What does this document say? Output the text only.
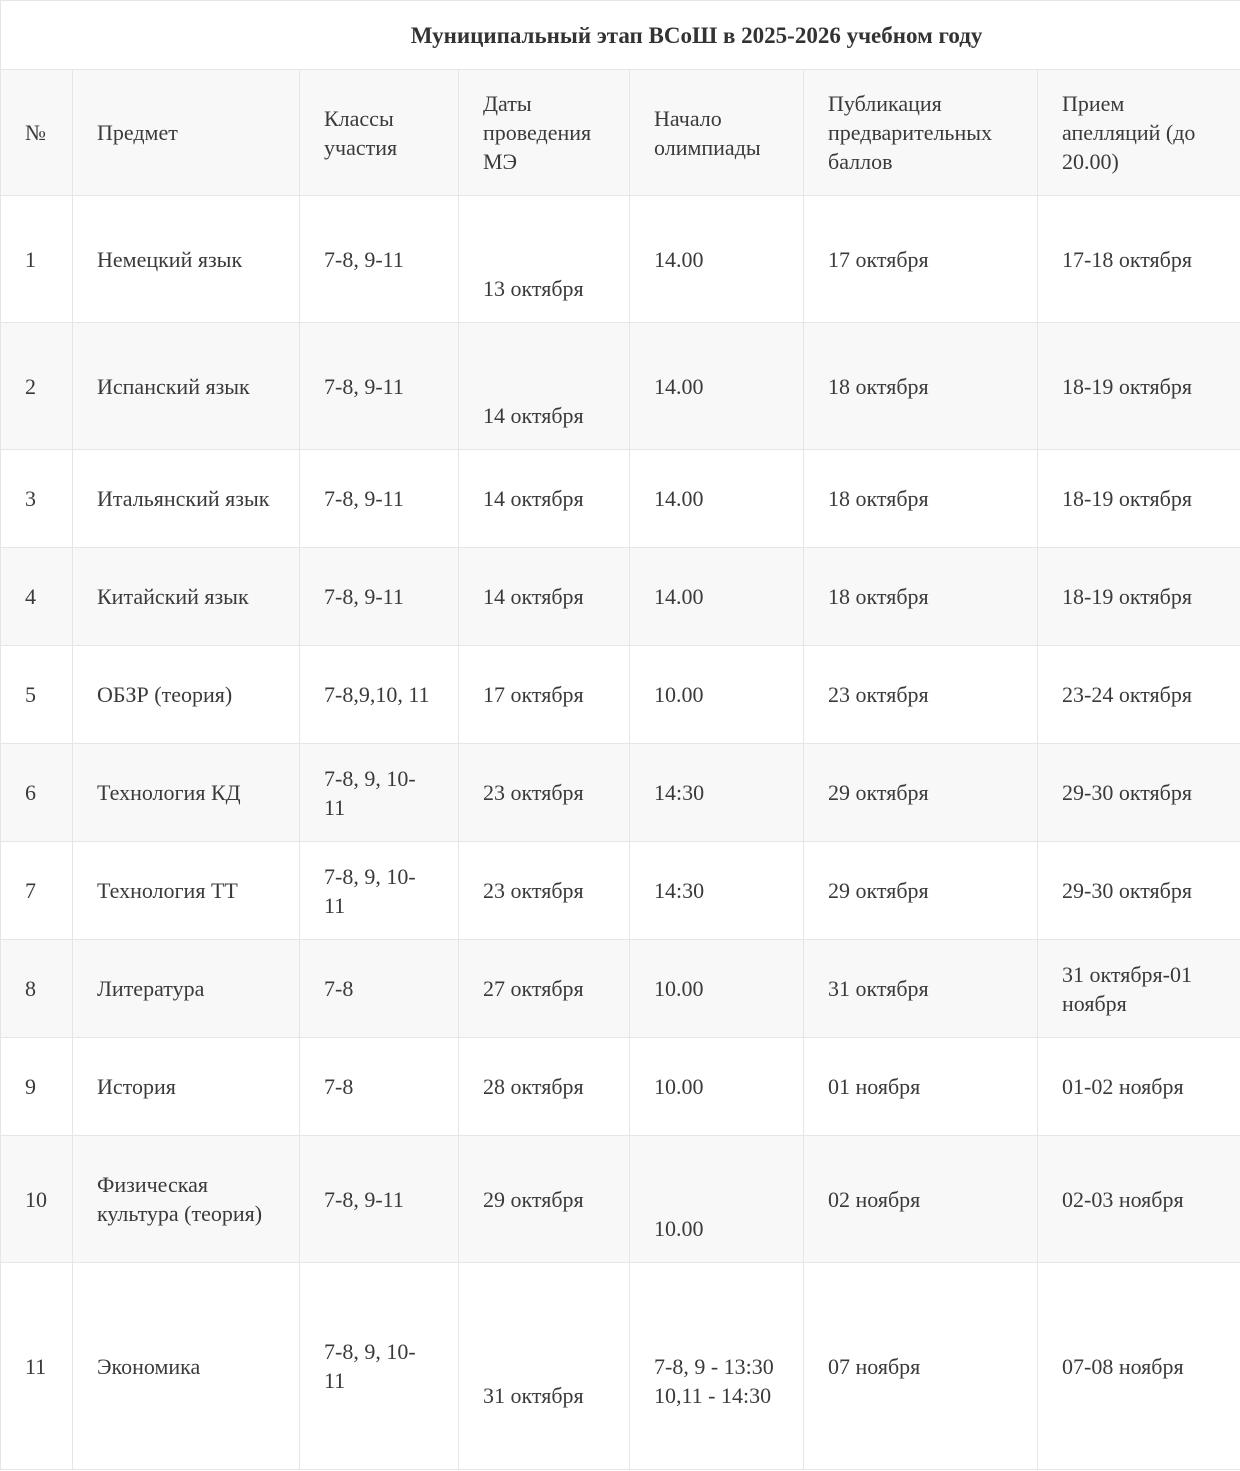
Муниципальный этап ВСоШ в 2025-2026 учебном году						
№	Предмет	Классы участия	Даты проведения МЭ	Начало олимпиады	Публикация предварительных баллов	Прием апелляций (до 20.00)
1	Немецкий язык	7-8, 9-11	13 октября	14.00	17 октября	17-18 октября
2	Испанский язык	7-8, 9-11	14 октября	14.00	18 октября	18-19 октября
3	Итальянский язык	7-8, 9-11	14 октября	14.00	18 октября	18-19 октября
4	Китайский язык	7-8, 9-11	14 октября	14.00	18 октября	18-19 октября
5	ОБЗР (теория)	7-8,9,10, 11	17 октября	10.00	23 октября	23-24 октября
6	Технология КД	7-8, 9, 10-11	23 октября	14:30	29 октября	29-30 октября
7	Технология ТТ	7-8, 9, 10-11	23 октября	14:30	29 октября	29-30 октября
8	Литература	7-8	27 октября	10.00	31 октября	31 октября-01 ноября
9	История	7-8	28 октября	10.00	01 ноября	01-02 ноября
10	Физическая культура (теория)	7-8, 9-11	29 октября	10.00	02 ноября	02-03 ноября
11	Экономика	7-8, 9, 10-11	31 октября	7-8, 9 - 13:30 10,11 - 14:30	07 ноября	07-08 ноября
